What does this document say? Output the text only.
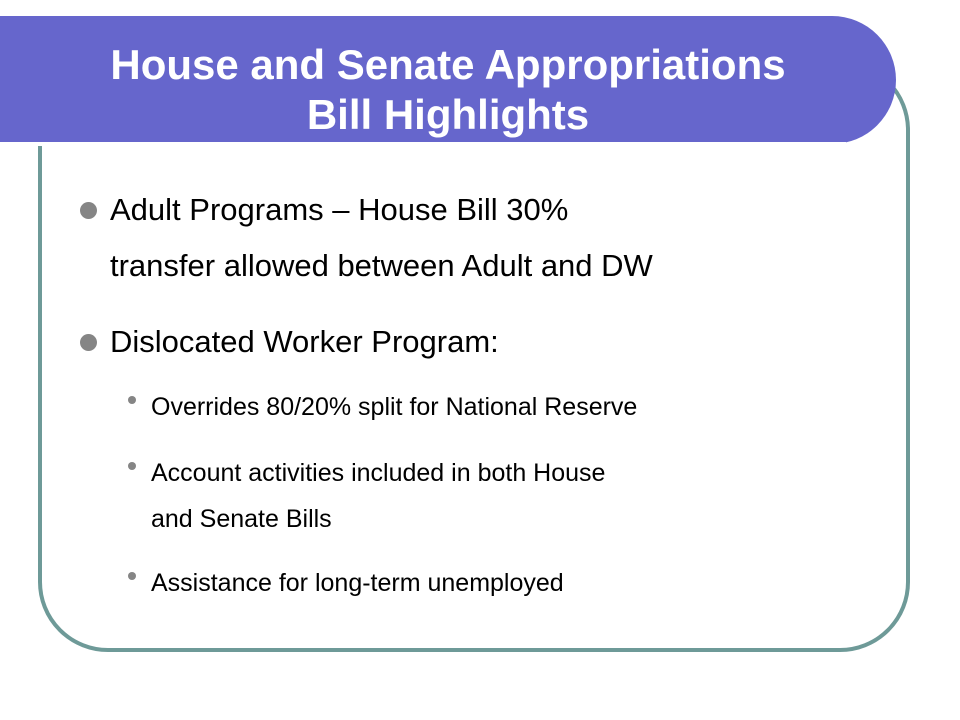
House and Senate Appropriations
Bill Highlights
Adult Programs – House Bill 30%
transfer allowed between Adult and DW
Dislocated Worker Program:
Overrides 80/20% split for National Reserve
Account activities included in both House
and Senate Bills
Assistance for long-term unemployed
